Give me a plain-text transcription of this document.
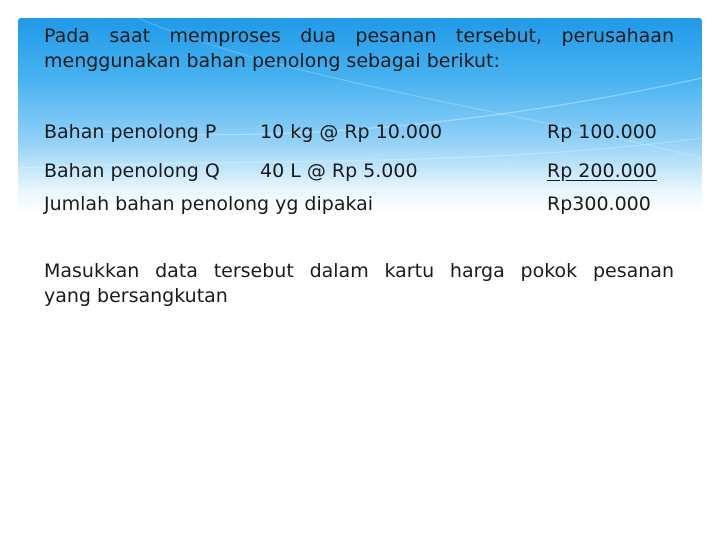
Pada saat memproses dua pesanan tersebut, perusahaan
menggunakan bahan penolong sebagai berikut:
Bahan penolong P 10 kg @ Rp 10.000	Rp 100.000
Bahan penolong Q 40 L @ Rp 5.000	Rp 200.000
Jumlah bahan penolong yg dipakai	Rp300.000
Masukkan data tersebut dalam kartu harga pokok pesanan
yang bersangkutan
